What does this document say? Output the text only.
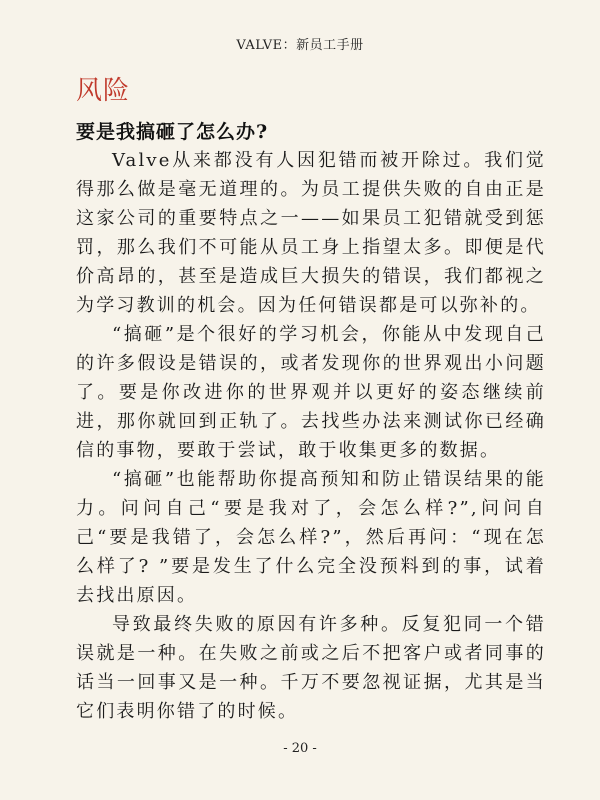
VALVE：新员工手册
风险
要是我搞砸了怎么办?

Valve从来都没有人因犯错而被开除过。我们觉得那么做是毫无道理的。为员工提供失败的自由正是这家公司的重要特点之一——如果员工犯错就受到惩罚，那么我们不可能从员工身上指望太多。即便是代价高昂的，甚至是造成巨大损失的错误，我们都视之为学习教训的机会。因为任何错误都是可以弥补的。

“搞砸”是个很好的学习机会，你能从中发现自己的许多假设是错误的，或者发现你的世界观出小问题了。要是你改进你的世界观并以更好的姿态继续前进，那你就回到正轨了。去找些办法来测试你已经确信的事物，要敢于尝试，敢于收集更多的数据。

“搞砸”也能帮助你提高预知和防止错误结果的能力。问问自己“要是我对了，会怎么样?”,问问自己“要是我错了，会怎么样?”，然后再问：“现在怎么样了? ”要是发生了什么完全没预料到的事，试着去找出原因。

导致最终失败的原因有许多种。反复犯同一个错误就是一种。在失败之前或之后不把客户或者同事的话当一回事又是一种。千万不要忽视证据，尤其是当它们表明你错了的时候。

- 20 -
